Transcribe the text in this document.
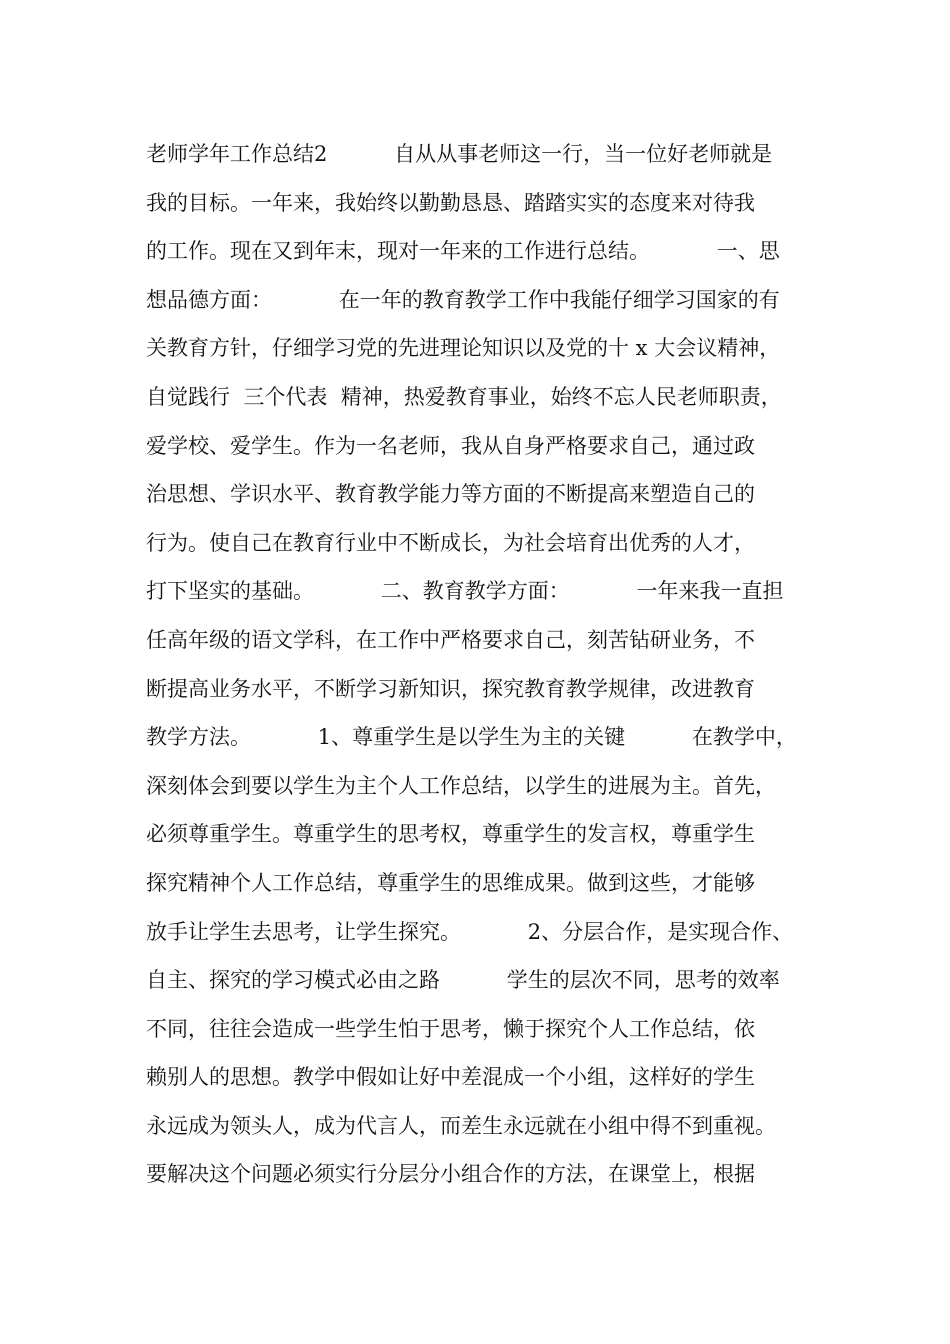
老师学年工作总结2          自从从事老师这一行，当一位好老师就是
我的目标。一年来，我始终以勤勤恳恳、踏踏实实的态度来对待我
的工作。现在又到年末，现对一年来的工作进行总结。          一、思
想品德方面：          在一年的教育教学工作中我能仔细学习国家的有
关教育方针，仔细学习党的先进理论知识以及党的十 x 大会议精神，
自觉践行  三个代表  精神，热爱教育事业，始终不忘人民老师职责，
爱学校、爱学生。作为一名老师，我从自身严格要求自己，通过政
治思想、学识水平、教育教学能力等方面的不断提高来塑造自己的
行为。使自己在教育行业中不断成长，为社会培育出优秀的人才，
打下坚实的基础。          二、教育教学方面：          一年来我一直担
任高年级的语文学科，在工作中严格要求自己，刻苦钻研业务，不
断提高业务水平，不断学习新知识，探究教育教学规律，改进教育
教学方法。          1、尊重学生是以学生为主的关键          在教学中，
深刻体会到要以学生为主个人工作总结，以学生的进展为主。首先，
必须尊重学生。尊重学生的思考权，尊重学生的发言权，尊重学生
探究精神个人工作总结，尊重学生的思维成果。做到这些，才能够
放手让学生去思考，让学生探究。          2、分层合作，是实现合作、
自主、探究的学习模式必由之路          学生的层次不同，思考的效率
不同，往往会造成一些学生怕于思考，懒于探究个人工作总结，依
赖别人的思想。教学中假如让好中差混成一个小组，这样好的学生
永远成为领头人，成为代言人，而差生永远就在小组中得不到重视。
要解决这个问题必须实行分层分小组合作的方法，在课堂上，根据
